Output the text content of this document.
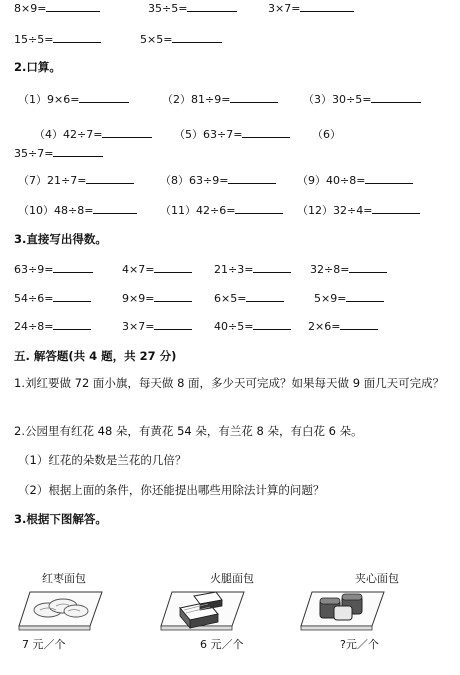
8×9=	35÷5=	3×7=
15÷5=	5×5=
2.口算。
（1）9×6=	（2）81÷9=	（3）30÷5=
（4）42÷7=	（5）63÷7=	（6）
35÷7=
（7）21÷7=	（8）63÷9=	（9）40÷8=
（10）48÷8=	（11）42÷6=	（12）32÷4=
3.直接写出得数。
63÷9=	4×7=	21÷3=	32÷8=
54÷6=	9×9=	6×5=	5×9=
24÷8=	3×7=	40÷5=	2×6=
五. 解答题(共 4 题，共 27 分)
1.刘红要做 72 面小旗，每天做 8 面，多少天可完成？如果每天做 9 面几天可完成？
2.公园里有红花 48 朵，有黄花 54 朵，有兰花 8 朵，有白花 6 朵。
（1）红花的朵数是兰花的几倍？
（2）根据上面的条件，你还能提出哪些用除法计算的问题？
3.根据下图解答。
红枣面包	火腿面包	夹心面包
7 元／个	6 元／个	?元／个
